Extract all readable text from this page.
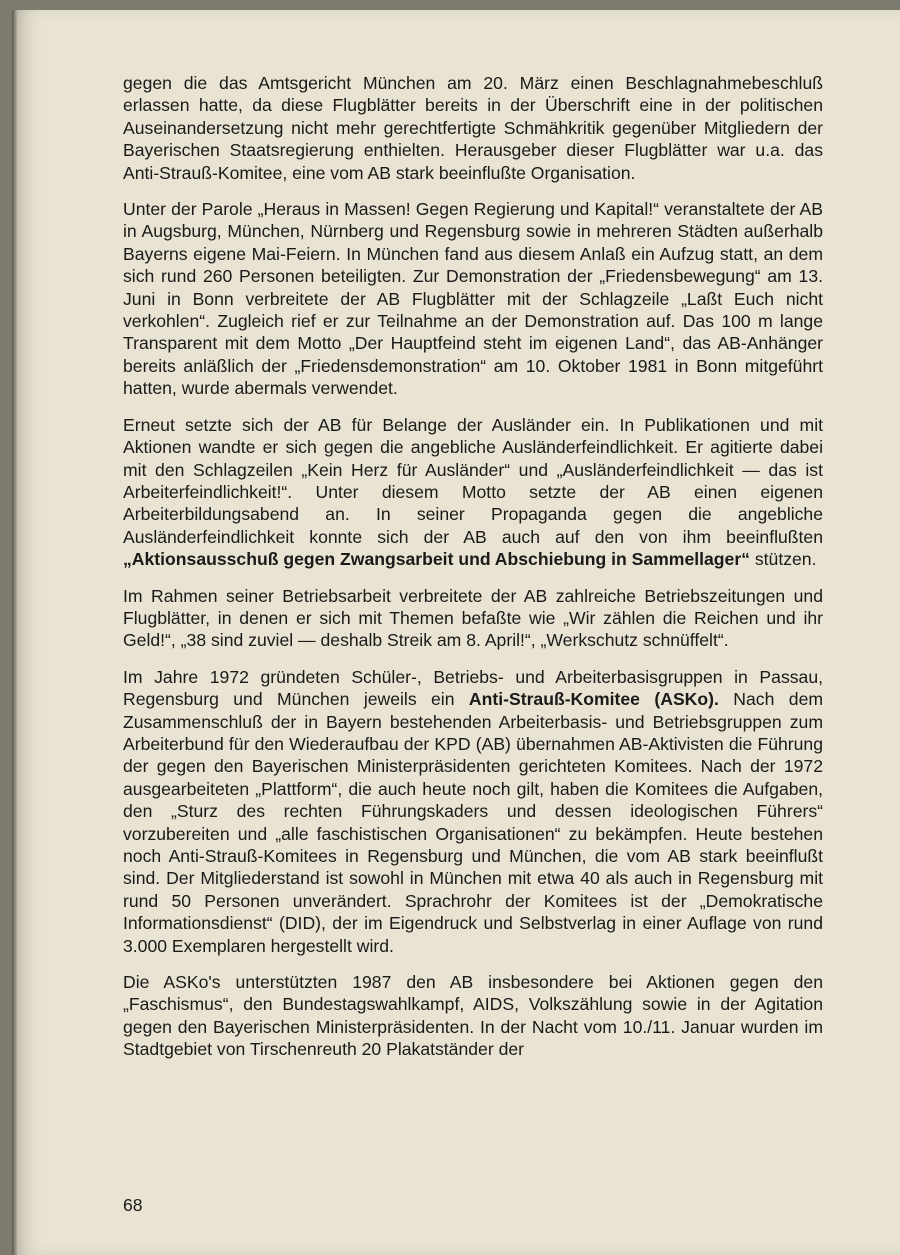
gegen die das Amtsgericht München am 20. März einen Beschlagnahmebeschluß erlassen hatte, da diese Flugblätter bereits in der Überschrift eine in der politischen Auseinandersetzung nicht mehr gerechtfertigte Schmähkritik gegenüber Mitgliedern der Bayerischen Staatsregierung enthielten. Herausgeber dieser Flugblätter war u.a. das Anti-Strauß-Komitee, eine vom AB stark beeinflußte Organisation.

Unter der Parole „Heraus in Massen! Gegen Regierung und Kapital!“ veranstaltete der AB in Augsburg, München, Nürnberg und Regensburg sowie in mehreren Städten außerhalb Bayerns eigene Mai-Feiern. In München fand aus diesem Anlaß ein Aufzug statt, an dem sich rund 260 Personen beteiligten. Zur Demonstration der „Friedensbewegung“ am 13. Juni in Bonn verbreitete der AB Flugblätter mit der Schlagzeile „Laßt Euch nicht verkohlen“. Zugleich rief er zur Teilnahme an der Demonstration auf. Das 100 m lange Transparent mit dem Motto „Der Hauptfeind steht im eigenen Land“, das AB-Anhänger bereits anläßlich der „Friedensdemonstration“ am 10. Oktober 1981 in Bonn mitgeführt hatten, wurde abermals verwendet.

Erneut setzte sich der AB für Belange der Ausländer ein. In Publikationen und mit Aktionen wandte er sich gegen die angebliche Ausländerfeindlichkeit. Er agitierte dabei mit den Schlagzeilen „Kein Herz für Ausländer“ und „Ausländerfeindlichkeit — das ist Arbeiterfeindlichkeit!“. Unter diesem Motto setzte der AB einen eigenen Arbeiterbildungsabend an. In seiner Propaganda gegen die angebliche Ausländerfeindlichkeit konnte sich der AB auch auf den von ihm beeinflußten „Aktionsausschuß gegen Zwangsarbeit und Abschiebung in Sammellager“ stützen.

Im Rahmen seiner Betriebsarbeit verbreitete der AB zahlreiche Betriebszeitungen und Flugblätter, in denen er sich mit Themen befaßte wie „Wir zählen die Reichen und ihr Geld!“, „38 sind zuviel — deshalb Streik am 8. April!“, „Werkschutz schnüffelt“.

Im Jahre 1972 gründeten Schüler-, Betriebs- und Arbeiterbasisgruppen in Passau, Regensburg und München jeweils ein Anti-Strauß-Komitee (ASKo). Nach dem Zusammenschluß der in Bayern bestehenden Arbeiterbasis- und Betriebsgruppen zum Arbeiterbund für den Wiederaufbau der KPD (AB) übernahmen AB-Aktivisten die Führung der gegen den Bayerischen Ministerpräsidenten gerichteten Komitees. Nach der 1972 ausgearbeiteten „Plattform“, die auch heute noch gilt, haben die Komitees die Aufgaben, den „Sturz des rechten Führungskaders und dessen ideologischen Führers“ vorzubereiten und „alle faschistischen Organisationen“ zu bekämpfen. Heute bestehen noch Anti-Strauß-Komitees in Regensburg und München, die vom AB stark beeinflußt sind. Der Mitgliederstand ist sowohl in München mit etwa 40 als auch in Regensburg mit rund 50 Personen unverändert. Sprachrohr der Komitees ist der „Demokratische Informationsdienst“ (DID), der im Eigendruck und Selbstverlag in einer Auflage von rund 3.000 Exemplaren hergestellt wird.

Die ASKo's unterstützten 1987 den AB insbesondere bei Aktionen gegen den „Faschismus“, den Bundestagswahlkampf, AIDS, Volkszählung sowie in der Agitation gegen den Bayerischen Ministerpräsidenten. In der Nacht vom 10./11. Januar wurden im Stadtgebiet von Tirschenreuth 20 Plakatständer der

68
